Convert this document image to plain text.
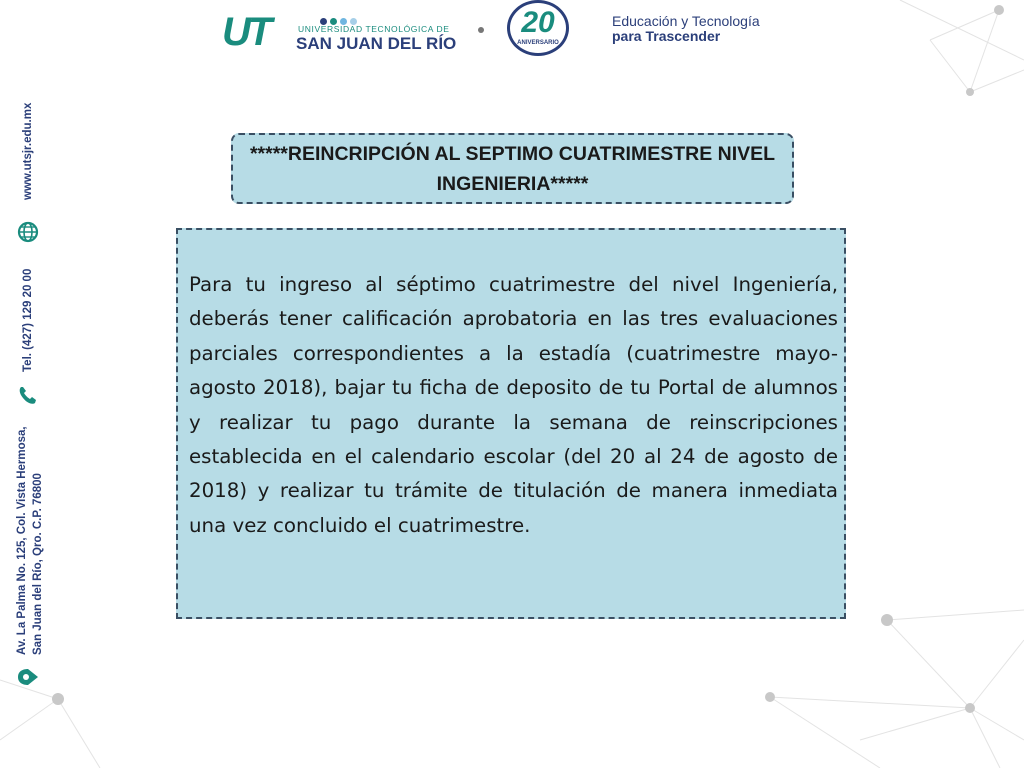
UT	UNIVERSIDAD TECNOLÓGICA DE
SAN JUAN DEL RÍO
20
ANIVERSARIO
Educación y Tecnología
para Trascender
www.utsjr.edu.mx
Tel. (427) 129 20 00
Av. La Palma No. 125, Col. Vista Hermosa, San Juan del Río, Qro. C.P. 76800
*****REINCRIPCIÓN AL SEPTIMO CUATRIMESTRE NIVEL INGENIERIA*****

Para tu ingreso al séptimo cuatrimestre del nivel Ingeniería, deberás tener calificación aprobatoria en las tres evaluaciones parciales correspondientes a la estadía (cuatrimestre mayo-agosto 2018), bajar tu ficha de deposito de tu Portal de alumnos y realizar tu pago durante la semana de reinscripciones establecida en el calendario escolar (del 20 al 24 de agosto de 2018) y realizar tu trámite de titulación de manera inmediata una vez concluido el cuatrimestre.
